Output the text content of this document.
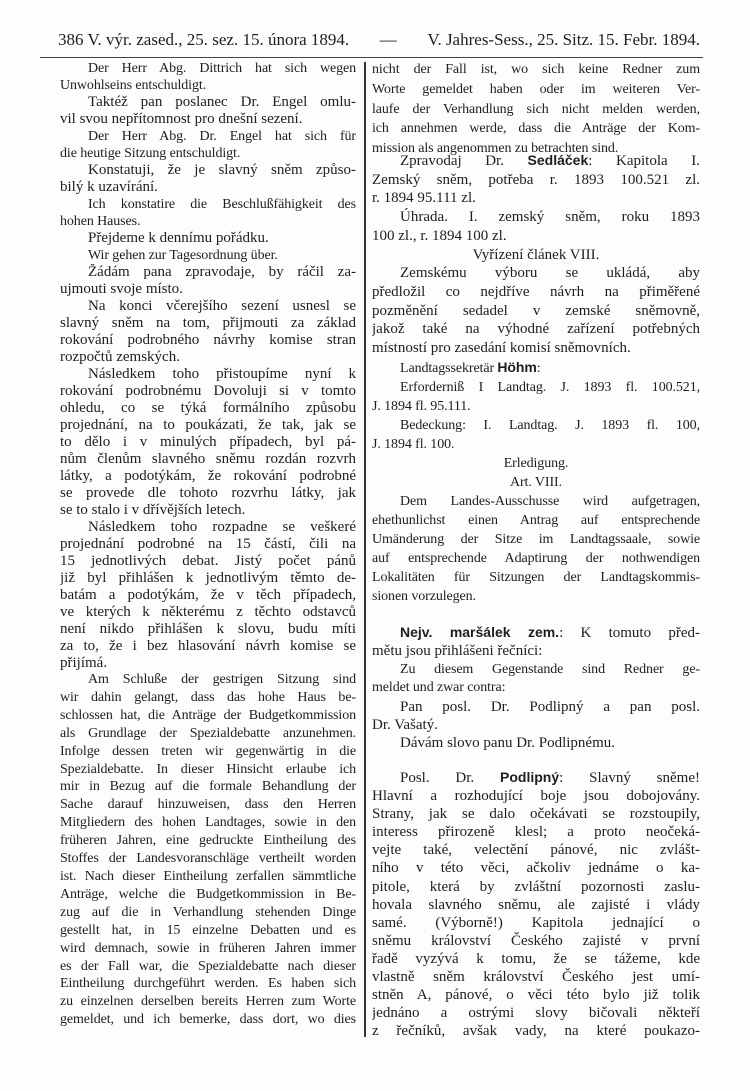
386 V. výr. zased., 25. sez. 15. února 1894. — V. Jahres-Sess., 25. Sitz. 15. Febr. 1894.
Der Herr Abg. Dittrich hat sich wegen
Unwohlseins entschuldigt.
Taktéž pan poslanec Dr. Engel omlu-
vil svou nepřítomnost pro dnešní sezení.
Der Herr Abg. Dr. Engel hat sich für
die heutige Sitzung entschuldigt.
Konstatuji, že je slavný sněm způso-
bilý k uzavírání.
Ich konstatire die Beschlußfähigkeit des
hohen Hauses.
Přejdeme k dennímu pořádku.
Wir gehen zur Tagesordnung über.
Žádám pana zpravodaje, by ráčil za-
ujmouti svoje místo.
Na konci včerejšího sezení usnesl se
slavný sněm na tom, přijmouti za základ
rokování podrobného návrhy komise stran
rozpočtů zemských.
Následkem toho přistoupíme nyní k
rokování podrobnému Dovoluji si v tomto
ohledu, co se týká formálního způsobu
projednání, na to poukázati, že tak, jak se
to dělo i v minulých případech, byl pá-
nům členům slavného sněmu rozdán rozvrh
látky, a podotýkám, že rokování podrobné
se provede dle tohoto rozvrhu látky, jak
se to stalo i v dřívějších letech.
Následkem toho rozpadne se veškeré
projednání podrobné na 15 částí, čili na
15 jednotlivých debat. Jistý počet pánů
již byl přihlášen k jednotlivým těmto de-
batám a podotýkám, že v těch případech,
ve kterých k některému z těchto odstavců
není nikdo přihlášen k slovu, budu míti
za to, že i bez hlasování návrh komise se
přijímá.
Am Schluße der gestrigen Sitzung sind
wir dahin gelangt, dass das hohe Haus be-
schlossen hat, die Anträge der Budgetkommission
als Grundlage der Spezialdebatte anzunehmen.
Infolge dessen treten wir gegenwärtig in die
Spezialdebatte. In dieser Hinsicht erlaube ich
mir in Bezug auf die formale Behandlung der
Sache darauf hinzuweisen, dass den Herren
Mitgliedern des hohen Landtages, sowie in den
früheren Jahren, eine gedruckte Eintheilung des
Stoffes der Landesvoranschläge vertheilt worden
ist. Nach dieser Eintheilung zerfallen sämmtliche
Anträge, welche die Budgetkommission in Be-
zug auf die in Verhandlung stehenden Dinge
gestellt hat, in 15 einzelne Debatten und es
wird demnach, sowie in früheren Jahren immer
es der Fall war, die Spezialdebatte nach dieser
Eintheilung durchgeführt werden. Es haben sich
zu einzelnen derselben bereits Herren zum Worte
gemeldet, und ich bemerke, dass dort, wo dies
nicht der Fall ist, wo sich keine Redner zum
Worte gemeldet haben oder im weiteren Ver-
laufe der Verhandlung sich nicht melden werden,
ich annehmen werde, dass die Anträge der Kom-
mission als angenommen zu betrachten sind.
Zpravodaj Dr. Sedláček: Kapitola I.
Zemský sněm, potřeba r. 1893 100.521 zl.
r. 1894 95.111 zl.
Úhrada. I. zemský sněm, roku 1893
100 zl., r. 1894 100 zl.
Vyřízení článek VIII.
Zemskému výboru se ukládá, aby
předložil co nejdříve návrh na přiměřené
pozměnění sedadel v zemské sněmovně,
jakož také na výhodné zařízení potřebných
místností pro zasedání komisí sněmovních.
Landtagssekretär Höhm:
Erforderniß I Landtag. J. 1893 fl. 100.521,
J. 1894 fl. 95.111.
Bedeckung: I. Landtag. J. 1893 fl. 100,
J. 1894 fl. 100.
Erledigung.
Art. VIII.
Dem Landes-Ausschusse wird aufgetragen,
ehethunlichst einen Antrag auf entsprechende
Umänderung der Sitze im Landtagssaale, sowie
auf entsprechende Adaptirung der nothwendigen
Lokalitäten für Sitzungen der Landtagskommis-
sionen vorzulegen.
Nejv. maršálek zem.: K tomuto před-
mětu jsou přihlášeni řečníci:
Zu diesem Gegenstande sind Redner ge-
meldet und zwar contra:
Pan posl. Dr. Podlipný a pan posl.
Dr. Vašatý.
Dávám slovo panu Dr. Podlipnému.
Posl. Dr. Podlipný: Slavný sněme!
Hlavní a rozhodující boje jsou dobojovány.
Strany, jak se dalo očekávati se rozstoupily,
interess přirozeně klesl; a proto neočeká-
vejte také, velectění pánové, nic zvlášt-
ního v této věci, ačkoliv jednáme o ka-
pitole, která by zvláštní pozornosti zaslu-
hovala slavného sněmu, ale zajisté i vlády
samé. (Výborně!) Kapitola jednající o
sněmu království Českého zajisté v první
řadě vyzývá k tomu, že se tážeme, kde
vlastně sněm království Českého jest umí-
stněn A, pánové, o věci této bylo již tolik
jednáno a ostrými slovy bičovali někteří
z řečníků, avšak vady, na které poukazo-
